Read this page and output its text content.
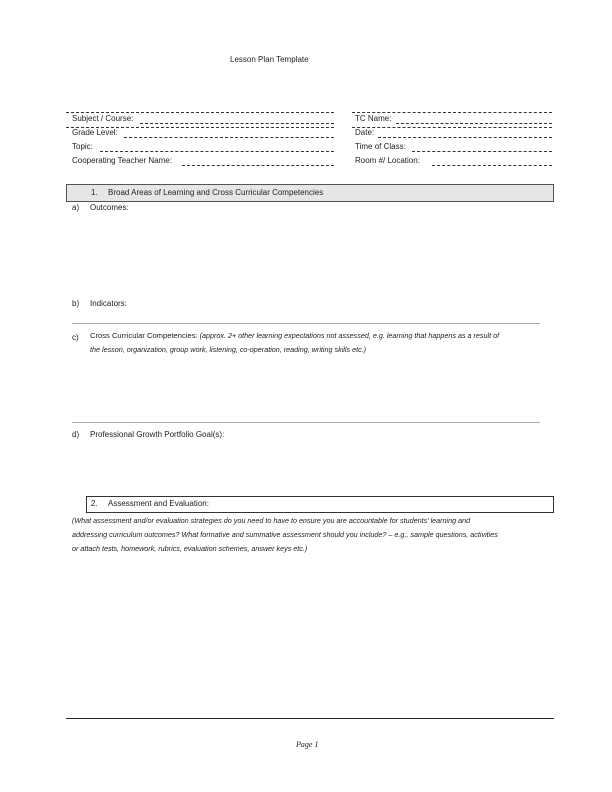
Lesson Plan Template
Subject / Course:	TC Name:
Grade Level:	Date:
Topic:	Time of Class:
Cooperating Teacher Name:	Room #/ Location:
1. Broad Areas of Learning and Cross Curricular Competencies
a) Outcomes:
b) Indicators:
c) Cross Curricular Competencies: (approx. 2+ other learning expectations not assessed, e.g. learning that happens as a result of
the lesson, organization, group work, listening, co-operation, reading, writing skills etc.)
d) Professional Growth Portfolio Goal(s):
2. Assessment and Evaluation:
(What assessment and/or evaluation strategies do you need to have to ensure you are accountable for students' learning and
addressing curriculum outcomes? What formative and summative assessment should you include? – e.g., sample questions, activities
or attach tests, homework, rubrics, evaluation schemes, answer keys etc.)
Page 1
